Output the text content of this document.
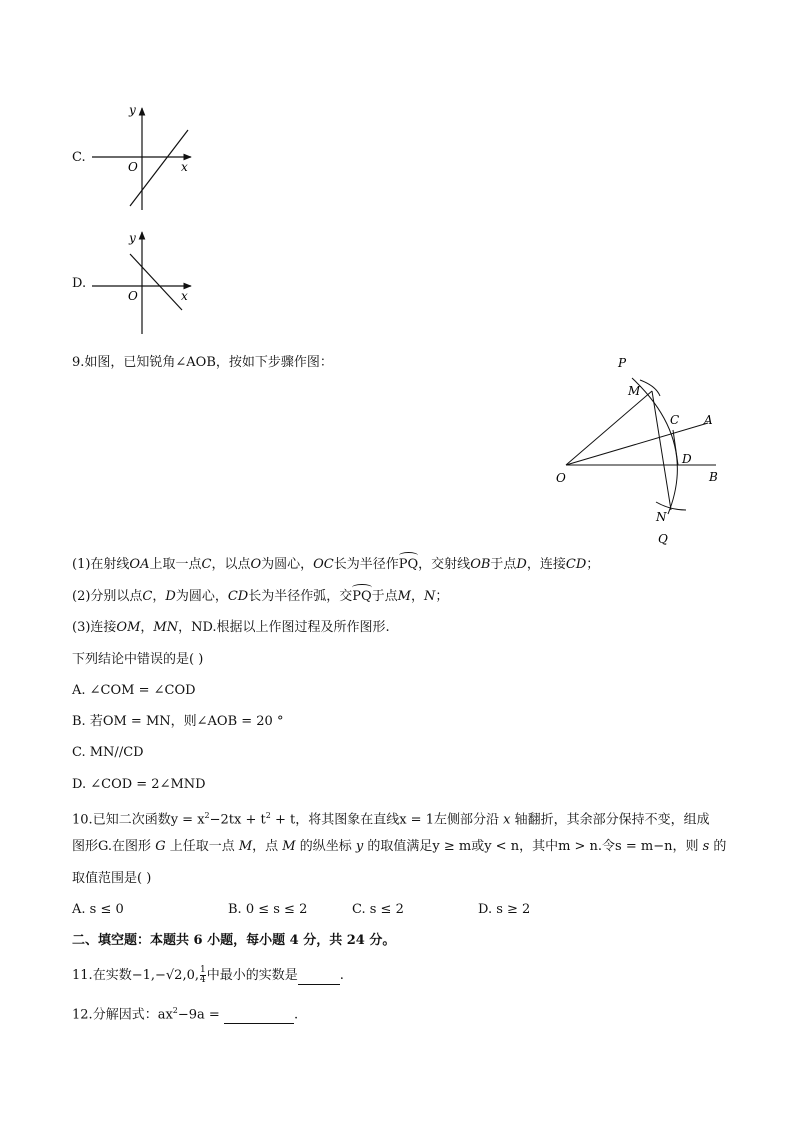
C.
y
O	x
D.
y
O	x
9.如图，已知锐角∠AOB，按如下步骤作图：	P
M
C A
D
B
O
N
Q
(1)在射线OA上取一点C，以点O为圆心，OC长为半径作PQ，交射线OB于点D，连接CD；
(2)分别以点C，D为圆心，CD长为半径作弧，交PQ于点M，N；
(3)连接OM，MN，ND.根据以上作图过程及所作图形.
下列结论中错误的是( )
A. ∠COM = ∠COD
B. 若OM = MN，则∠AOB = 20 °
C. MN//CD
D. ∠COD = 2∠MND
10.已知二次函数$y = x^2-2tx + t^2 + t$，将其图象在直线x = 1左侧部分沿 x 轴翻折，其余部分保持不变，组成
图形G.在图形 G 上任取一点 M，点 M 的纵坐标 y 的取值满足y ≥ m或y < n，其中m > n.令s = m−n，则 s 的
取值范围是( )
A. s ≤ 0	B. 0 ≤ s ≤ 2	C. s ≤ 2	D. s ≥ 2
二、填空题：本题共 6 小题，每小题 4 分，共 24 分。
11.在实数−1,−√2,0, $\frac{1}{4}$ 中最小的实数是	.
12.分解因式：$ax^2-9a$ =	.
